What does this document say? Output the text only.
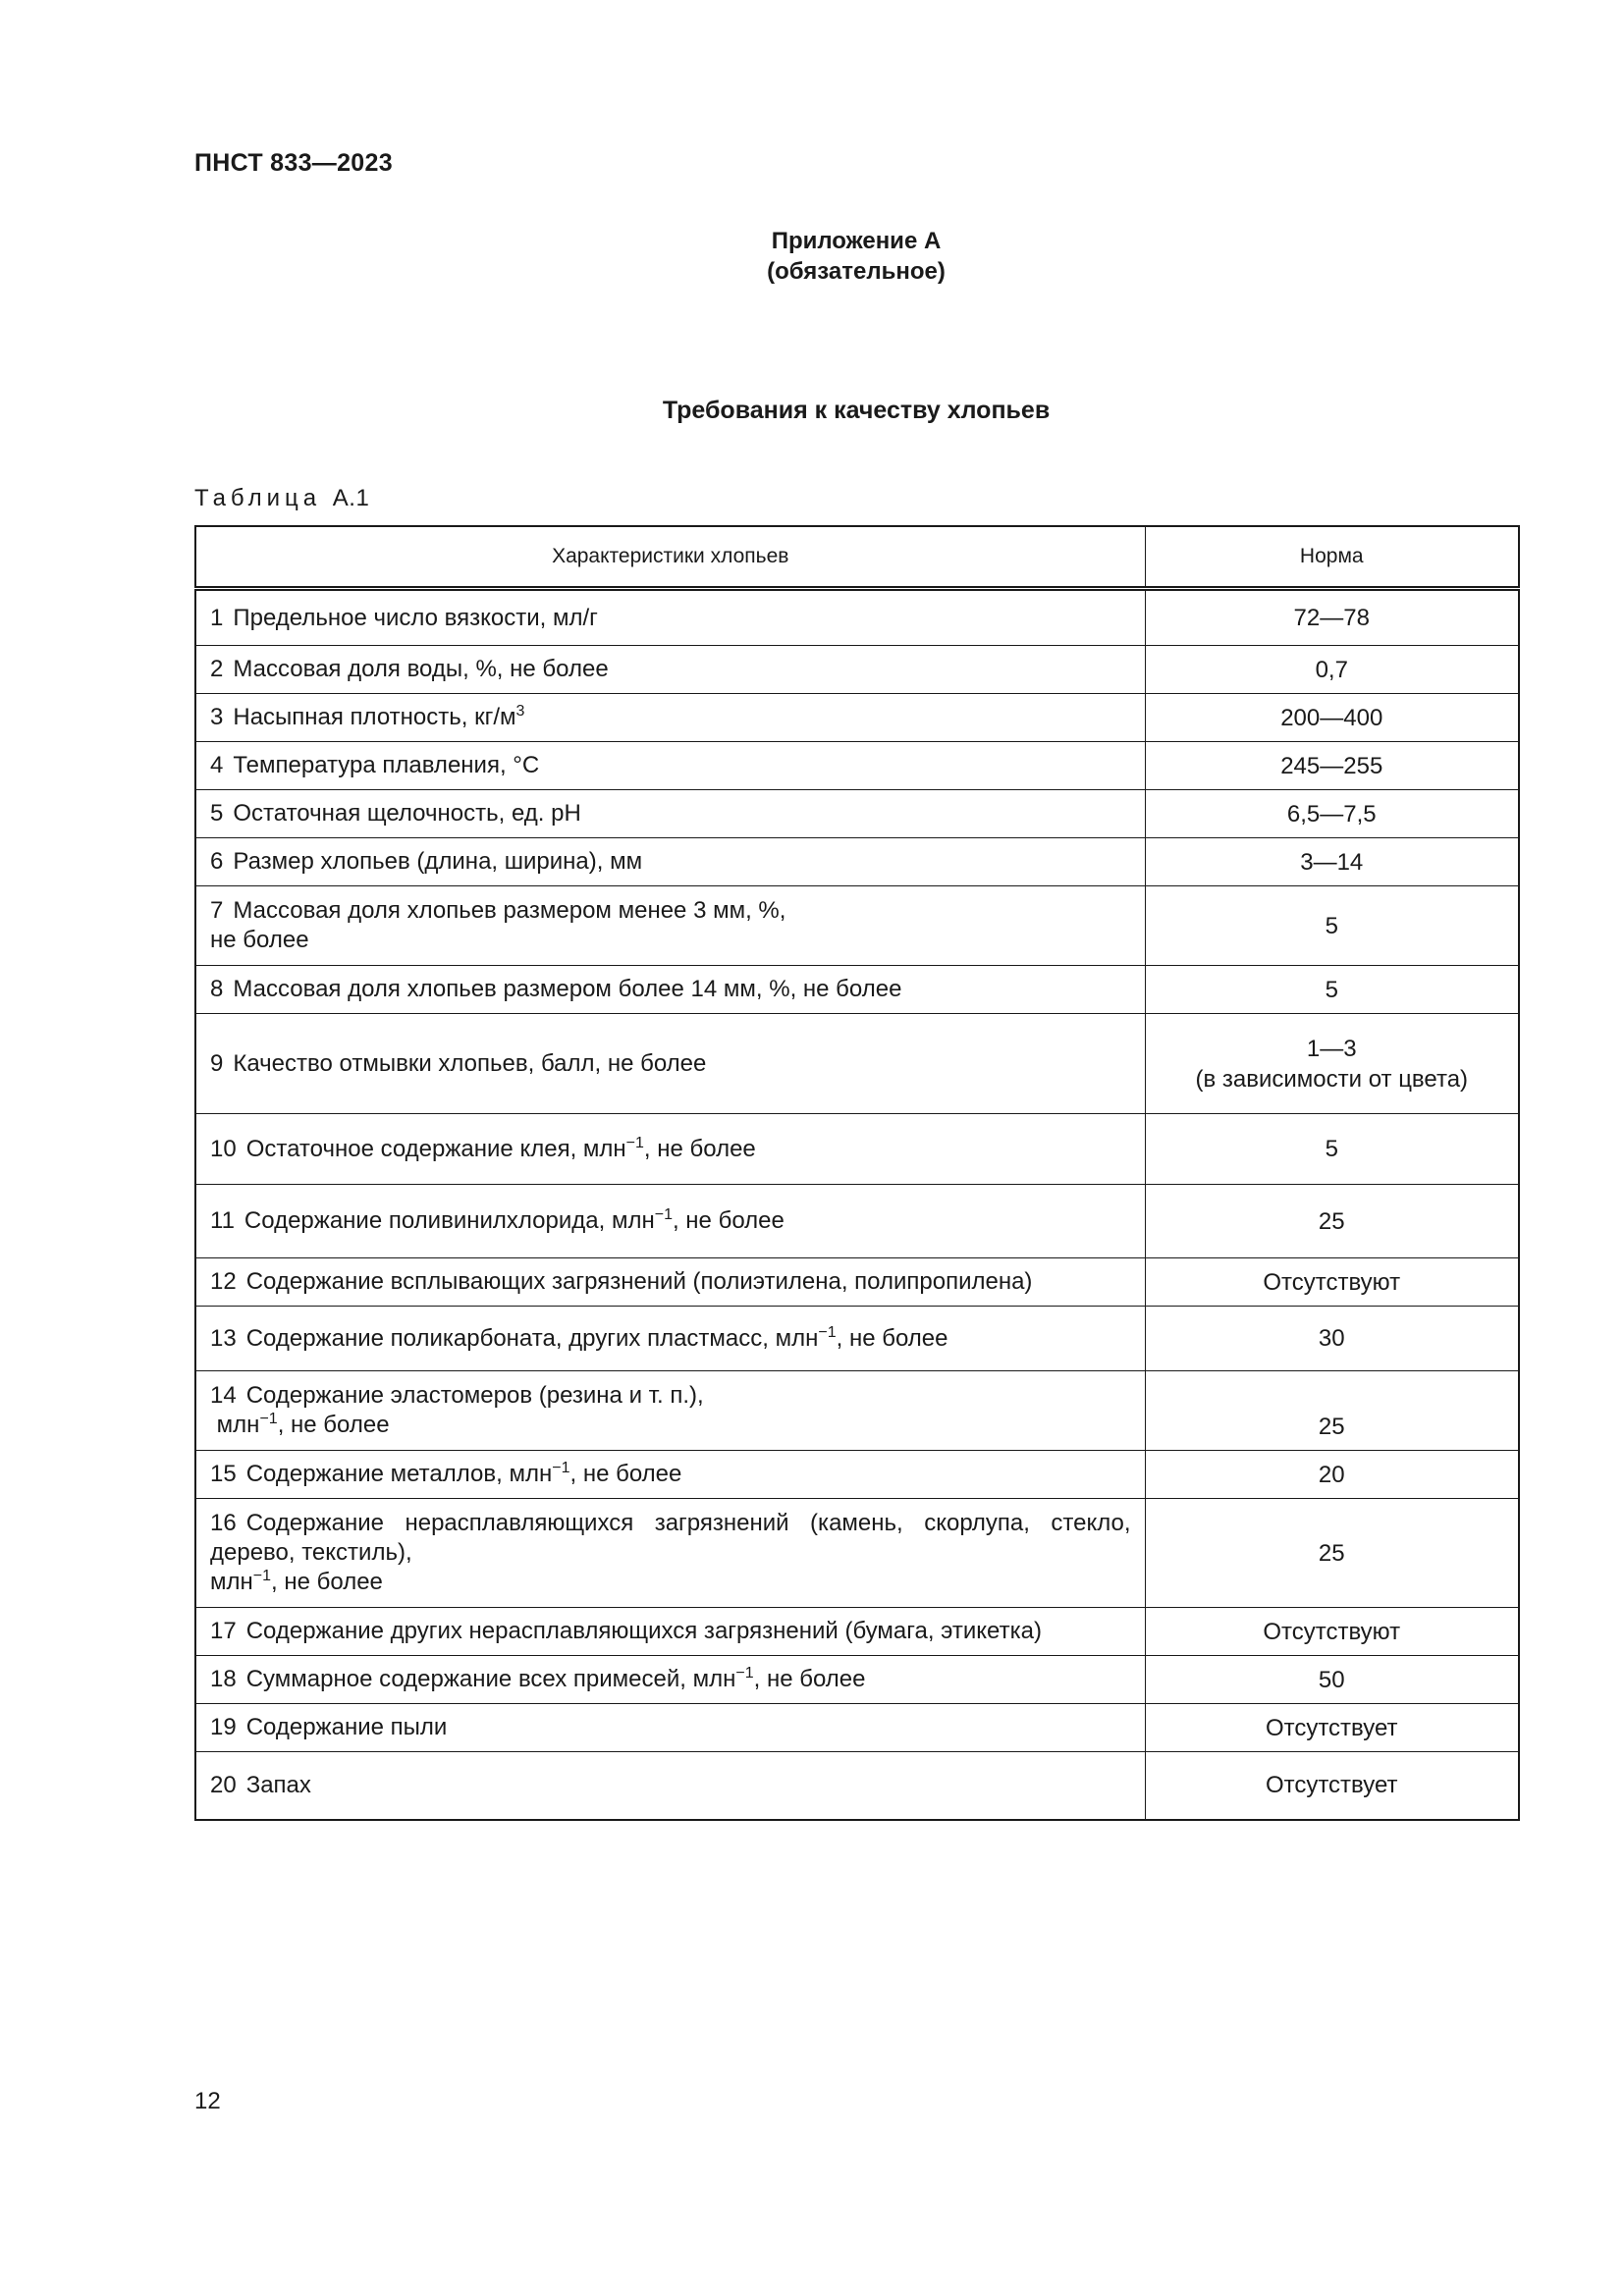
ПНСТ 833—2023
Приложение А
(обязательное)
Требования к качеству хлопьев
Таблица А.1
Характеристики хлопьев	Норма
1 Предельное число вязкости, мл/г	72—78
2 Массовая доля воды, %, не более	0,7
3 Насыпная плотность, $кг/м^3$	200—400
4 Температура плавления, °С	245—255
5 Остаточная щелочность, ед. pH	6,5—7,5
6 Размер хлопьев (длина, ширина), мм	3—14
7 Массовая доля хлопьев размером менее 3 мм, %,
не более	5
8 Массовая доля хлопьев размером более 14 мм, %, не более	5
9 Качество отмывки хлопьев, балл, не более	1—3
(в зависимости от цвета)
10 Остаточное содержание клея, млн$^{-1}$, не более	5
11 Содержание поливинилхлорида, млн$^{-1}$, не более	25
12 Содержание всплывающих загрязнений (полиэтилена, полипропилена)	Отсутствуют
13 Содержание поликарбоната, других пластмасс, млн$^{-1}$, не более	30
14 Содержание эластомеров (резина и т. п.),
млн$^{-1}$, не более	25
15 Содержание металлов, млн$^{-1}$, не более	20
16 Содержание нерасплавляющихся загрязнений (камень, скорлупа, стекло, дерево, текстиль),
млн$^{-1}$, не более	25
17 Содержание других нерасплавляющихся загрязнений (бумага, этикетка)	Отсутствуют
18 Суммарное содержание всех примесей, млн$^{-1}$, не более	50
19 Содержание пыли	Отсутствует
20 Запах	Отсутствует
12
